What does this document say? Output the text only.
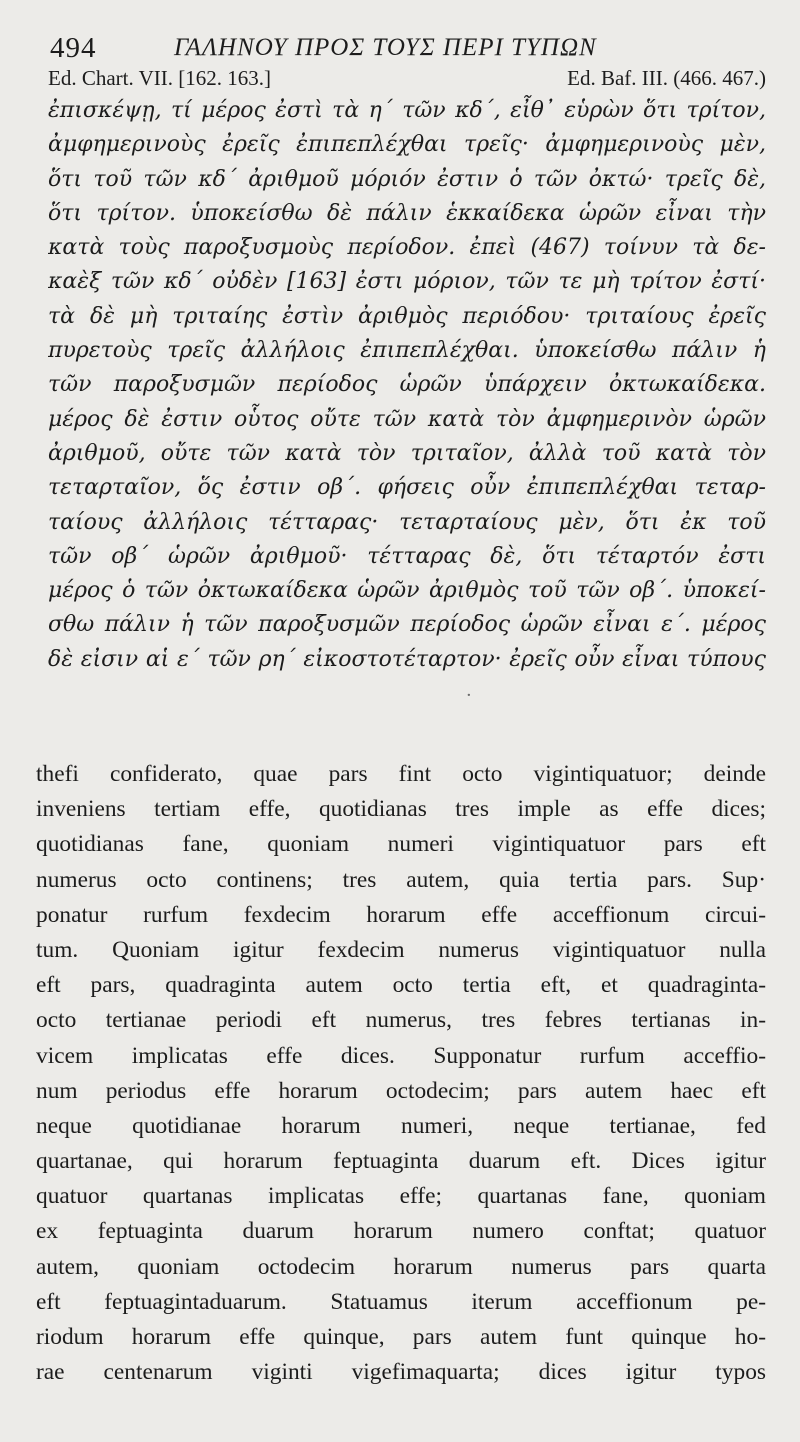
494	ΓΑΛΗΝΟΥ ΠΡΟΣ ΤΟΥΣ ΠΕΡΙ ΤΥΠΩΝ
Ed. Chart. VII. [162. 163.]	Ed. Baf. III. (466. 467.)
ἐπισκέψῃ, τί μέρος ἐστὶ τὰ η΄ τῶν κδ΄, εἶθ᾿ εὑρὼν ὅτι τρίτον,
ἀμφημερινοὺς ἐρεῖς ἐπιπεπλέχθαι τρεῖς· ἀμφημερινοὺς μὲν,
ὅτι τοῦ τῶν κδ΄ ἀριθμοῦ μόριόν ἐστιν ὁ τῶν ὀκτώ· τρεῖς δὲ,
ὅτι τρίτον. ὑποκείσθω δὲ πάλιν ἑκκαίδεκα ὡρῶν εἶναι τὴν
κατὰ τοὺς παροξυσμοὺς περίοδον. ἐπεὶ (467) τοίνυν τὰ δε-
καὲξ τῶν κδ΄ οὐδὲν [163] ἐστι μόριον, τῶν τε μὴ τρίτον ἐστί·
τὰ δὲ μὴ τριταίης ἐστὶν ἀριθμὸς περιόδου· τριταίους ἐρεῖς
πυρετοὺς τρεῖς ἀλλήλοις ἐπιπεπλέχθαι. ὑποκείσθω πάλιν ἡ
τῶν παροξυσμῶν περίοδος ὡρῶν ὑπάρχειν ὀκτωκαίδεκα.
μέρος δὲ ἐστιν οὗτος οὔτε τῶν κατὰ τὸν ἀμφημερινὸν ὡρῶν
ἀριθμοῦ, οὔτε τῶν κατὰ τὸν τριταῖον, ἀλλὰ τοῦ κατὰ τὸν
τεταρταῖον, ὅς ἐστιν οβ΄. φήσεις οὖν ἐπιπεπλέχθαι τεταρ-
ταίους ἀλλήλοις τέτταρας· τεταρταίους μὲν, ὅτι ἐκ τοῦ
τῶν οβ΄ ὡρῶν ἀριθμοῦ· τέτταρας δὲ, ὅτι τέταρτόν ἐστι
μέρος ὁ τῶν ὀκτωκαίδεκα ὡρῶν ἀριθμὸς τοῦ τῶν οβ΄. ὑποκεί-
σθω πάλιν ἡ τῶν παροξυσμῶν περίοδος ὡρῶν εἶναι ε΄. μέρος
δὲ εἰσιν αἱ ε΄ τῶν ρη΄ εἰκοστοτέταρτον· ἐρεῖς οὖν εἶναι τύπους
·
thefi confiderato, quae pars fint octo vigintiquatuor; deinde
inveniens tertiam effe, quotidianas tres imple as effe dices;
quotidianas fane, quoniam numeri vigintiquatuor pars eft
numerus octo continens; tres autem, quia tertia pars. Sup·
ponatur rurfum fexdecim horarum effe acceffionum circui-
tum. Quoniam igitur fexdecim numerus vigintiquatuor nulla
eft pars, quadraginta autem octo tertia eft, et quadraginta-
octo tertianae periodi eft numerus, tres febres tertianas in-
vicem implicatas effe dices. Supponatur rurfum acceffio-
num periodus effe horarum octodecim; pars autem haec eft
neque quotidianae horarum numeri, neque tertianae, fed
quartanae, qui horarum feptuaginta duarum eft. Dices igitur
quatuor quartanas implicatas effe; quartanas fane, quoniam
ex feptuaginta duarum horarum numero conftat; quatuor
autem, quoniam octodecim horarum numerus pars quarta
eft feptuagintaduarum. Statuamus iterum acceffionum pe-
riodum horarum effe quinque, pars autem funt quinque ho-
rae centenarum viginti vigefimaquarta; dices igitur typos
